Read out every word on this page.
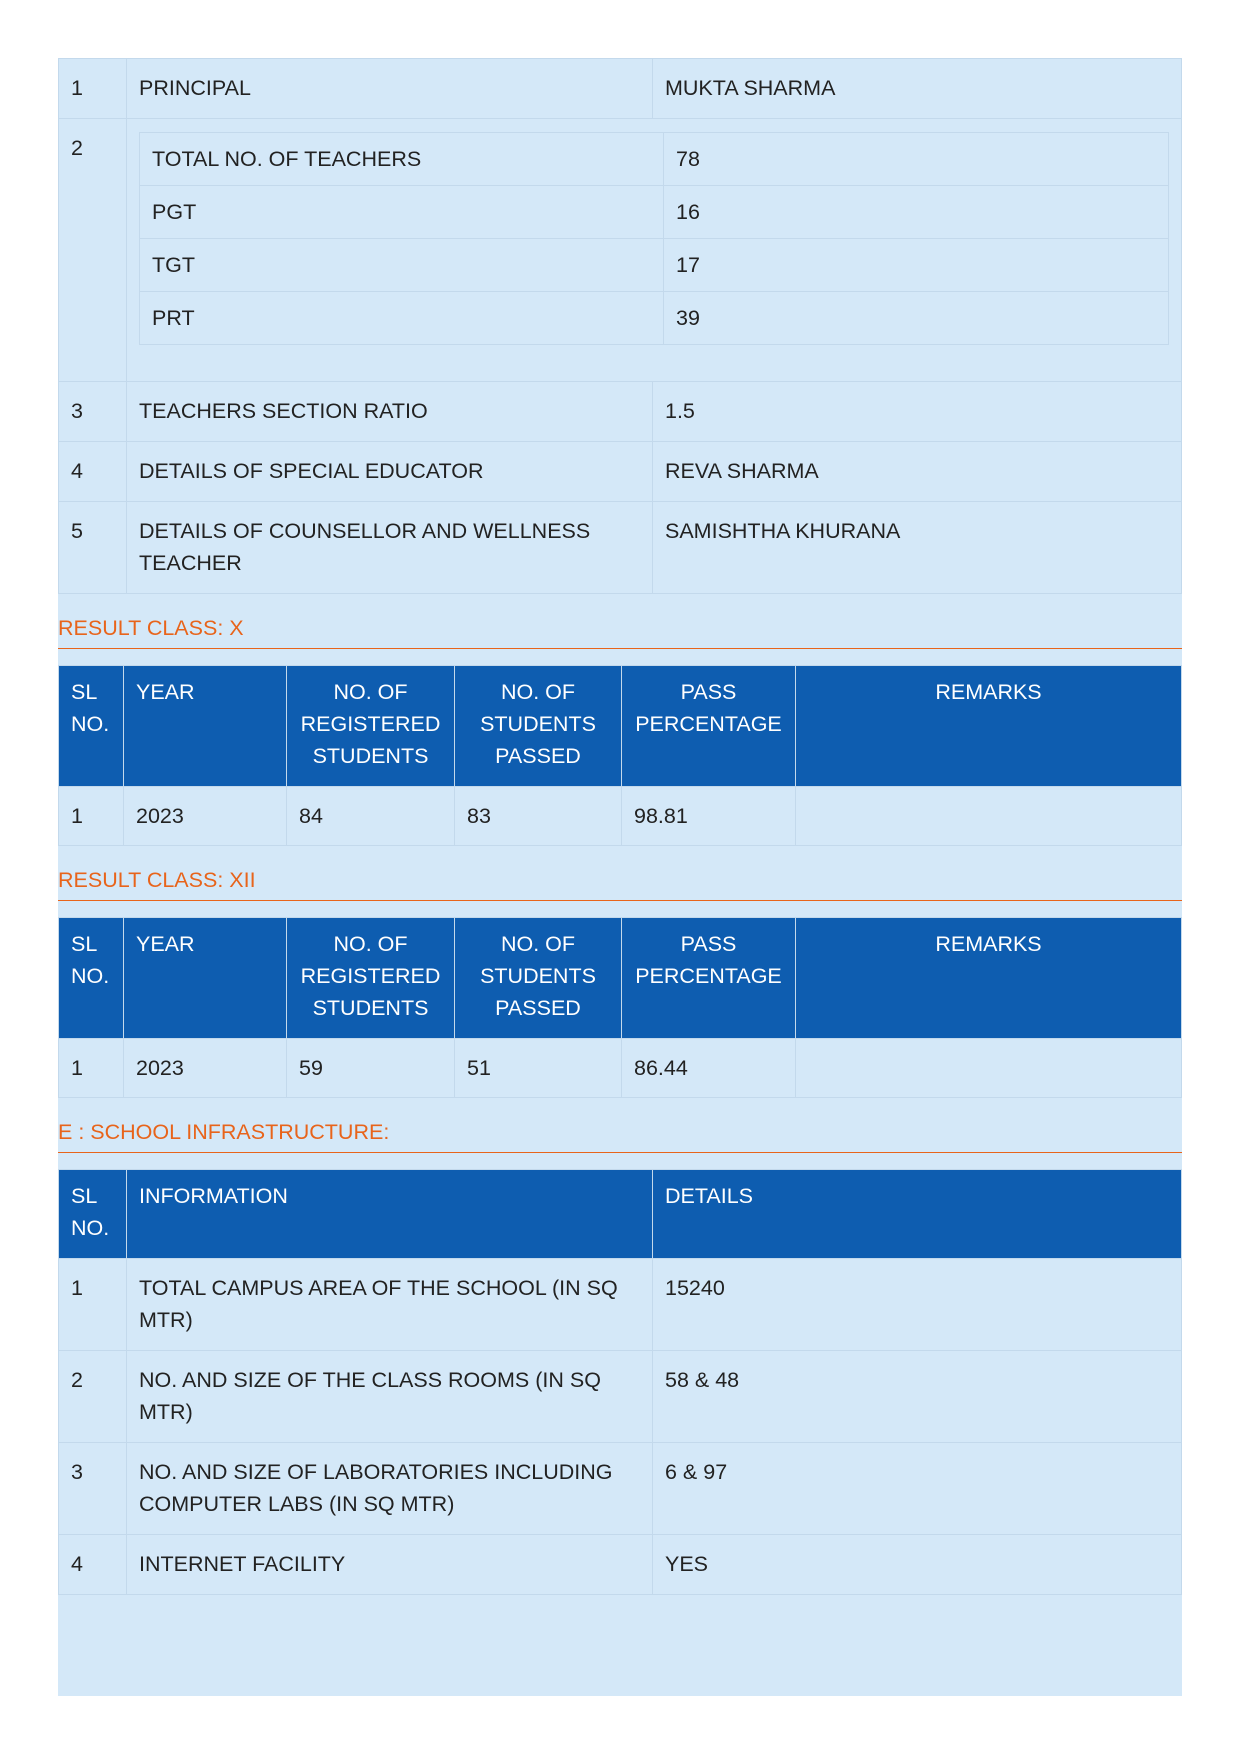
1	PRINCIPAL	MUKTA SHARMA
2		TOTAL NO. OF TEACHERS	78
PGT	16
TGT	17
PRT	39

3	TEACHERS SECTION RATIO	1.5
4	DETAILS OF SPECIAL EDUCATOR	REVA SHARMA
5	DETAILS OF COUNSELLOR AND WELLNESS TEACHER	SAMISHTHA KHURANA
RESULT CLASS: X
SL NO.	YEAR	NO. OF REGISTERED STUDENTS	NO. OF STUDENTS PASSED	PASS PERCENTAGE	REMARKS
1	2023	84	83	98.81	
RESULT CLASS: XII
SL NO.	YEAR	NO. OF REGISTERED STUDENTS	NO. OF STUDENTS PASSED	PASS PERCENTAGE	REMARKS
1	2023	59	51	86.44	
E : SCHOOL INFRASTRUCTURE:
SL NO.	INFORMATION	DETAILS
1	TOTAL CAMPUS AREA OF THE SCHOOL (IN SQ MTR)	15240
2	NO. AND SIZE OF THE CLASS ROOMS (IN SQ MTR)	58 & 48
3	NO. AND SIZE OF LABORATORIES INCLUDING COMPUTER LABS (IN SQ MTR)	6 & 97
4	INTERNET FACILITY	YES
